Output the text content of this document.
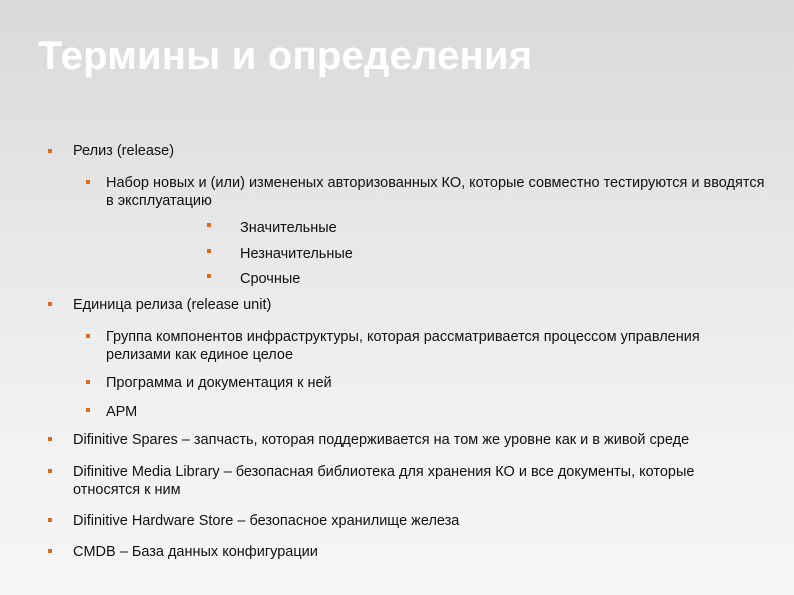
Термины и определения
Релиз (release)
Набор новых и (или) измененых авторизованных КО, которые совместно тестируются и вводятся в эксплуатацию
Значительные
Незначительные
Срочные
Единица релиза (release unit)
Группа компонентов инфраструктуры, которая рассматривается процессом управления релизами как единое целое
Программа и документация к ней
АРМ
Difinitive Spares – запчасть, которая поддерживается на том же уровне как и в живой среде
Difinitive Media Library – безопасная библиотека для хранения КО и все документы, которые относятся к ним
Difinitive Hardware Store – безопасное хранилище железа
CMDB – База данных конфигурации
